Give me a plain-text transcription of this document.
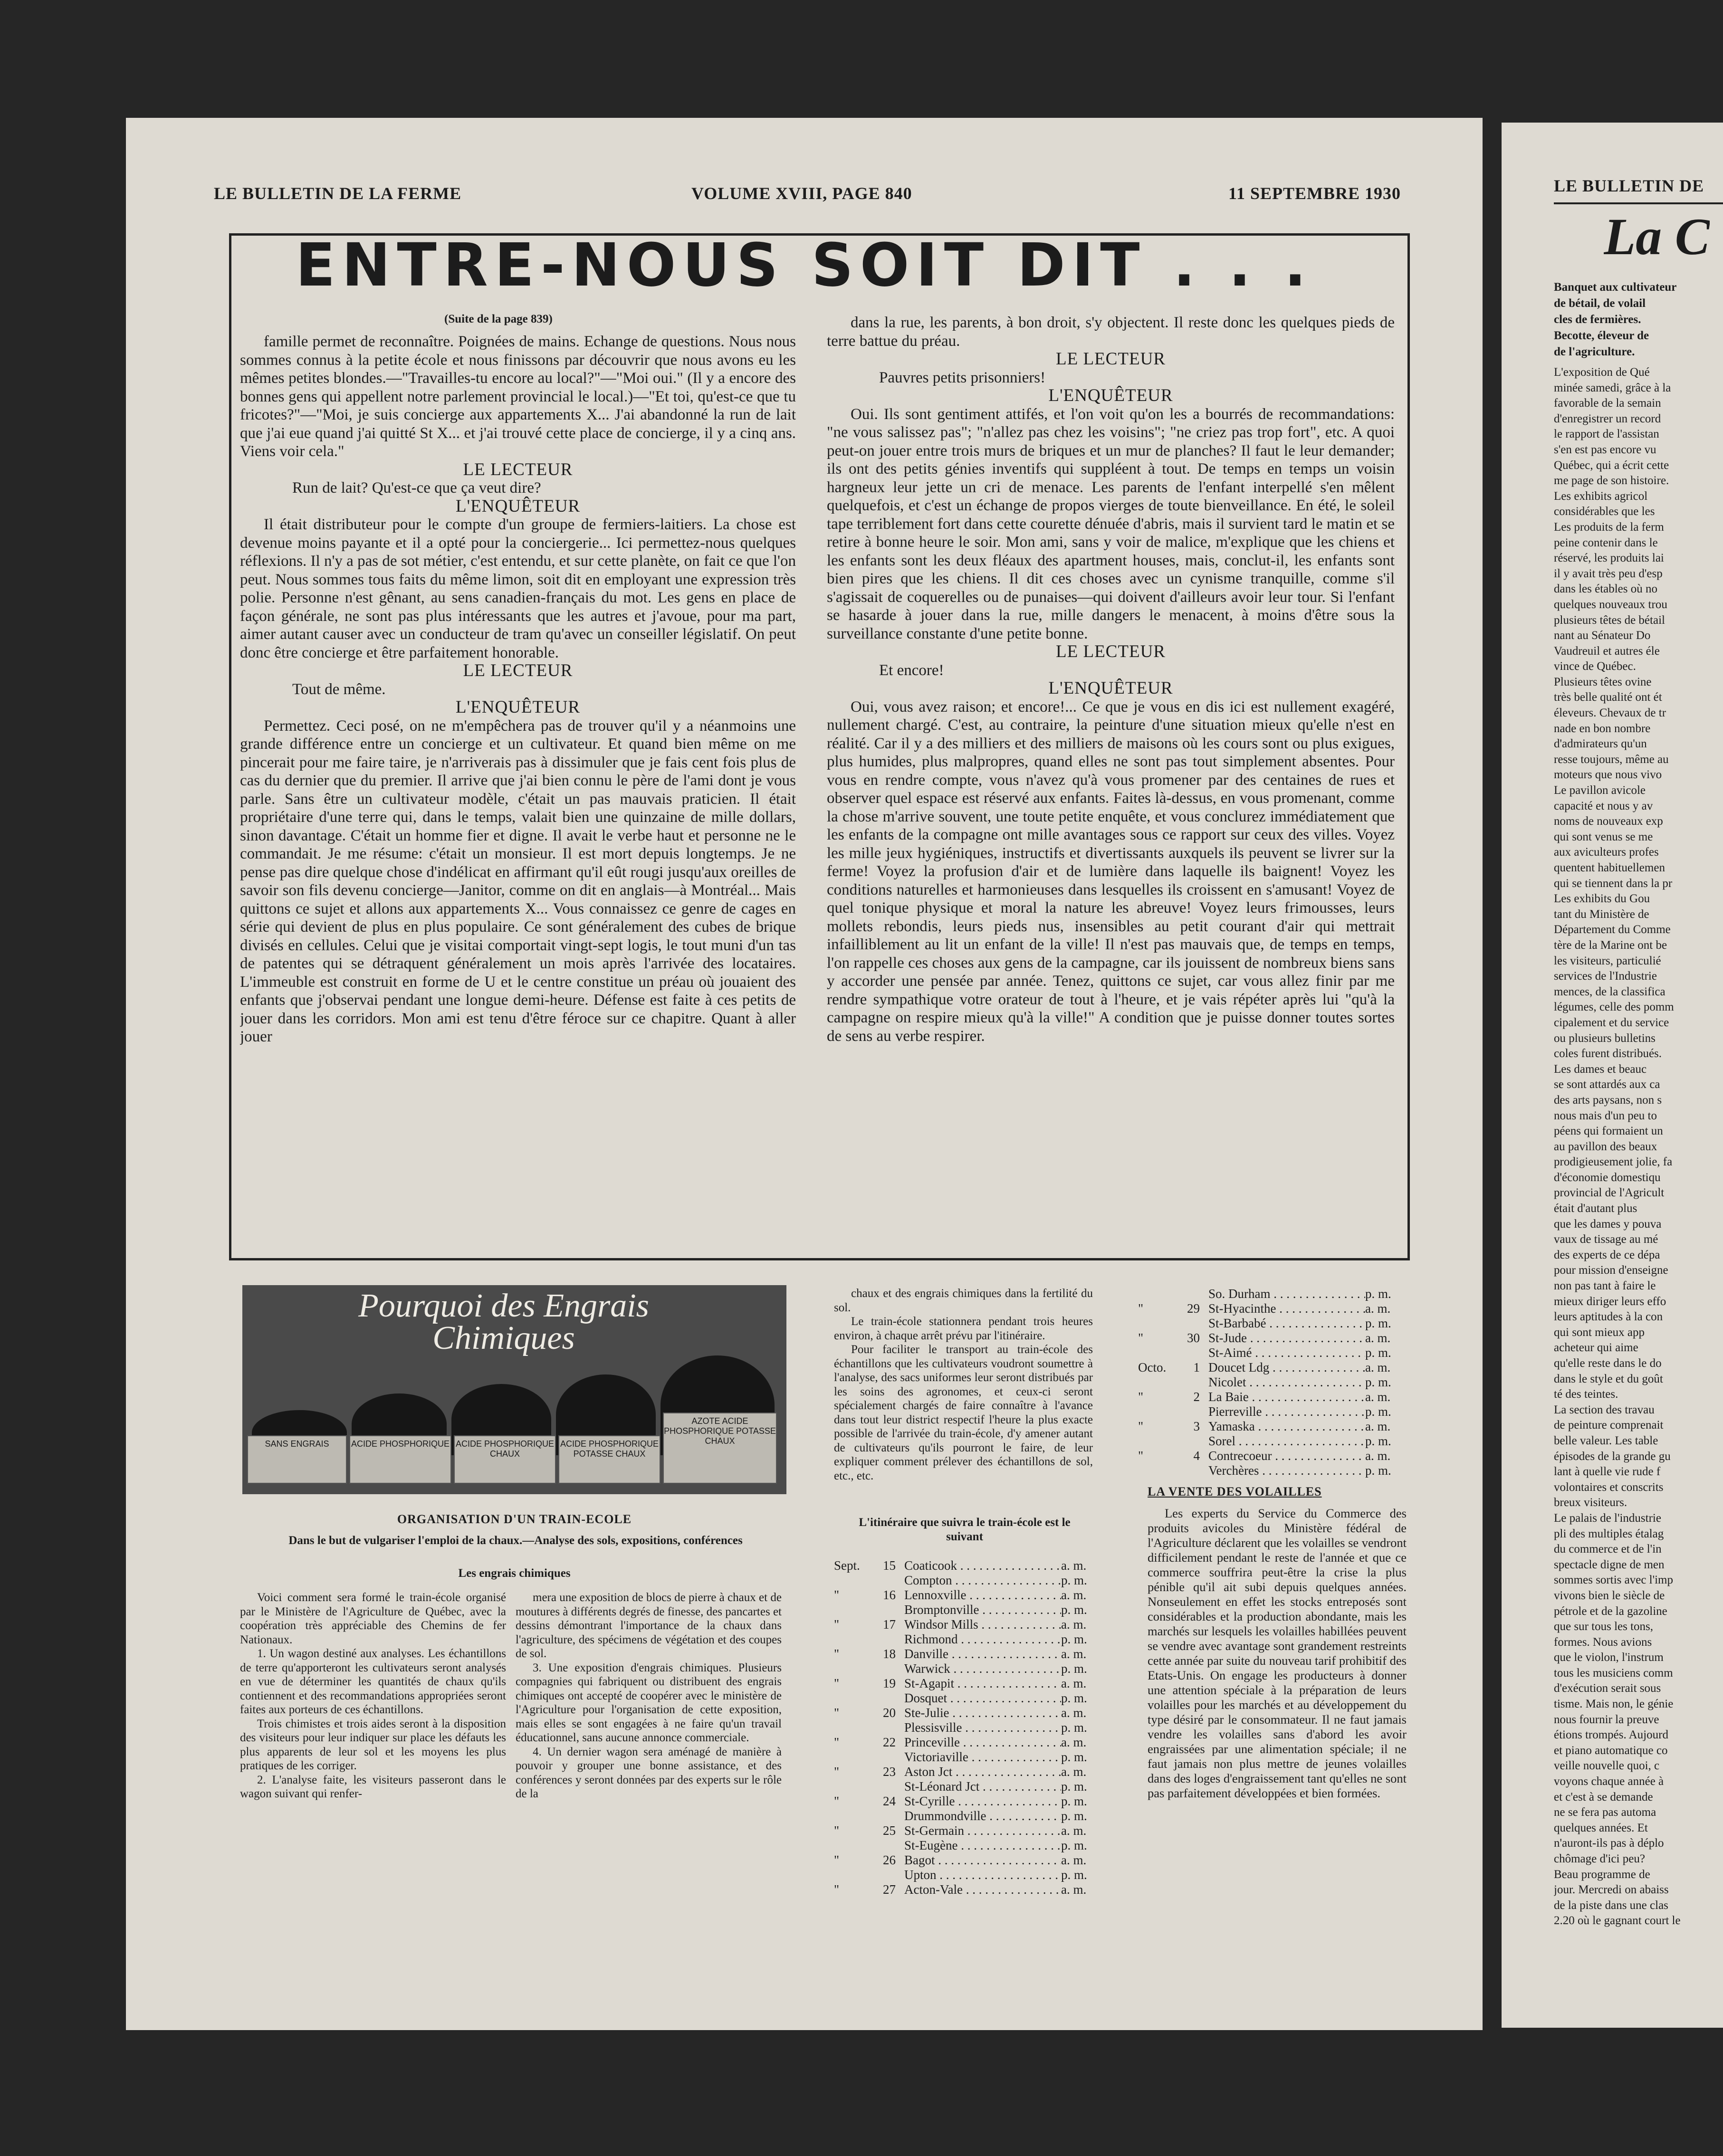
LE BULLETIN DE LA FERME	VOLUME XVIII, PAGE 840	11 SEPTEMBRE 1930
ENTRE-NOUS SOIT DIT . . .
(Suite de la page 839)

famille permet de reconnaître. Poignées de mains. Echange de questions. Nous nous sommes connus à la petite école et nous finissons par découvrir que nous avons eu les mêmes petites blondes.—"Travailles-tu encore au local?"—"Moi oui." (Il y a encore des bonnes gens qui appellent notre parlement provincial le local.)—"Et toi, qu'est-ce que tu fricotes?"—"Moi, je suis concierge aux appartements X... J'ai abandonné la run de lait que j'ai eue quand j'ai quitté St X... et j'ai trouvé cette place de concierge, il y a cinq ans. Viens voir cela."

LE LECTEUR

Run de lait? Qu'est-ce que ça veut dire?

L'ENQUÊTEUR

Il était distributeur pour le compte d'un groupe de fermiers-laitiers. La chose est devenue moins payante et il a opté pour la conciergerie... Ici permettez-nous quelques réflexions. Il n'y a pas de sot métier, c'est entendu, et sur cette planète, on fait ce que l'on peut. Nous sommes tous faits du même limon, soit dit en employant une expression très polie. Personne n'est gênant, au sens canadien-français du mot. Les gens en place de façon générale, ne sont pas plus intéressants que les autres et j'avoue, pour ma part, aimer autant causer avec un conducteur de tram qu'avec un conseiller législatif. On peut donc être concierge et être parfaitement honorable.

LE LECTEUR

Tout de même.

L'ENQUÊTEUR

Permettez. Ceci posé, on ne m'empêchera pas de trouver qu'il y a néanmoins une grande différence entre un concierge et un cultivateur. Et quand bien même on me pincerait pour me faire taire, je n'arriverais pas à dissimuler que je fais cent fois plus de cas du dernier que du premier. Il arrive que j'ai bien connu le père de l'ami dont je vous parle. Sans être un cultivateur modèle, c'était un pas mauvais praticien. Il était propriétaire d'une terre qui, dans le temps, valait bien une quinzaine de mille dollars, sinon davantage. C'était un homme fier et digne. Il avait le verbe haut et personne ne le commandait. Je me résume: c'était un monsieur. Il est mort depuis longtemps. Je ne pense pas dire quelque chose d'indélicat en affirmant qu'il eût rougi jusqu'aux oreilles de savoir son fils devenu concierge—Janitor, comme on dit en anglais—à Montréal... Mais quittons ce sujet et allons aux appartements X... Vous connaissez ce genre de cages en série qui devient de plus en plus populaire. Ce sont généralement des cubes de brique divisés en cellules. Celui que je visitai comportait vingt-sept logis, le tout muni d'un tas de patentes qui se détraquent généralement un mois après l'arrivée des locataires. L'immeuble est construit en forme de U et le centre constitue un préau où jouaient des enfants que j'observai pendant une longue demi-heure. Défense est faite à ces petits de jouer dans les corridors. Mon ami est tenu d'être féroce sur ce chapitre. Quant à aller jouer

dans la rue, les parents, à bon droit, s'y objectent. Il reste donc les quelques pieds de terre battue du préau.

LE LECTEUR

Pauvres petits prisonniers!

L'ENQUÊTEUR

Oui. Ils sont gentiment attifés, et l'on voit qu'on les a bourrés de recommandations: "ne vous salissez pas"; "n'allez pas chez les voisins"; "ne criez pas trop fort", etc. A quoi peut-on jouer entre trois murs de briques et un mur de planches? Il faut le leur demander; ils ont des petits génies inventifs qui suppléent à tout. De temps en temps un voisin hargneux leur jette un cri de menace. Les parents de l'enfant interpellé s'en mêlent quelquefois, et c'est un échange de propos vierges de toute bienveillance. En été, le soleil tape terriblement fort dans cette courette dénuée d'abris, mais il survient tard le matin et se retire à bonne heure le soir. Mon ami, sans y voir de malice, m'explique que les chiens et les enfants sont les deux fléaux des apartment houses, mais, conclut-il, les enfants sont bien pires que les chiens. Il dit ces choses avec un cynisme tranquille, comme s'il s'agissait de coquerelles ou de punaises—qui doivent d'ailleurs avoir leur tour. Si l'enfant se hasarde à jouer dans la rue, mille dangers le menacent, à moins d'être sous la surveillance constante d'une petite bonne.

LE LECTEUR

Et encore!

L'ENQUÊTEUR

Oui, vous avez raison; et encore!... Ce que je vous en dis ici est nullement exagéré, nullement chargé. C'est, au contraire, la peinture d'une situation mieux qu'elle n'est en réalité. Car il y a des milliers et des milliers de maisons où les cours sont ou plus exigues, plus humides, plus malpropres, quand elles ne sont pas tout simplement absentes. Pour vous en rendre compte, vous n'avez qu'à vous promener par des centaines de rues et observer quel espace est réservé aux enfants. Faites là-dessus, en vous promenant, comme la chose m'arrive souvent, une toute petite enquête, et vous conclurez immédiatement que les enfants de la compagne ont mille avantages sous ce rapport sur ceux des villes. Voyez les mille jeux hygiéniques, instructifs et divertissants auxquels ils peuvent se livrer sur la ferme! Voyez la profusion d'air et de lumière dans laquelle ils baignent! Voyez les conditions naturelles et harmonieuses dans lesquelles ils croissent en s'amusant! Voyez de quel tonique physique et moral la nature les abreuve! Voyez leurs frimousses, leurs mollets rebondis, leurs pieds nus, insensibles au petit courant d'air qui mettrait infailliblement au lit un enfant de la ville! Il n'est pas mauvais que, de temps en temps, l'on rappelle ces choses aux gens de la campagne, car ils jouissent de nombreux biens sans y accorder une pensée par année. Tenez, quittons ce sujet, car vous allez finir par me rendre sympathique votre orateur de tout à l'heure, et je vais répéter après lui "qu'à la campagne on respire mieux qu'à la ville!" A condition que je puisse donner toutes sortes de sens au verbe respirer.

Pourquoi des Engrais
Chimiques
SANS ENGRAIS	ACIDE PHOSPHORIQUE ACIDE PHOSPHORIQUE CHAUX
ACIDE PHOSPHORIQUE POTASSE CHAUX
AZOTE ACIDE PHOSPHORIQUE POTASSE CHAUX
ORGANISATION D'UN TRAIN-ECOLE
Dans le but de vulgariser l'emploi de la chaux.—Analyse des sols, expositions, conférences
Les engrais chimiques

Voici comment sera formé le train-école organisé par le Ministère de l'Agriculture de Québec, avec la coopération très appréciable des Chemins de fer Nationaux.

1. Un wagon destiné aux analyses. Les échantillons de terre qu'apporteront les cultivateurs seront analysés en vue de déterminer les quantités de chaux qu'ils contiennent et des recommandations appropriées seront faites aux porteurs de ces échantillons.

Trois chimistes et trois aides seront à la disposition des visiteurs pour leur indiquer sur place les défauts les plus apparents de leur sol et les moyens les plus pratiques de les corriger.

2. L'analyse faite, les visiteurs passeront dans le wagon suivant qui renfer-

mera une exposition de blocs de pierre à chaux et de moutures à différents degrés de finesse, des pancartes et dessins démontrant l'importance de la chaux dans l'agriculture, des spécimens de végétation et des coupes de sol.

3. Une exposition d'engrais chimiques. Plusieurs compagnies qui fabriquent ou distribuent des engrais chimiques ont accepté de coopérer avec le ministère de l'Agriculture pour l'organisation de cette exposition, mais elles se sont engagées à ne faire qu'un travail éducationnel, sans aucune annonce commerciale.

4. Un dernier wagon sera aménagé de manière à pouvoir y grouper une bonne assistance, et des conférences y seront données par des experts sur le rôle de la

chaux et des engrais chimiques dans la fertilité du sol.

Le train-école stationnera pendant trois heures environ, à chaque arrêt prévu par l'itinéraire.

Pour faciliter le transport au train-école des échantillons que les cultivateurs voudront soumettre à l'analyse, des sacs uniformes leur seront distribués par les soins des agronomes, et ceux-ci seront spécialement chargés de faire connaître à l'avance dans tout leur district respectif l'heure la plus exacte possible de l'arrivée du train-école, d'y amener autant de cultivateurs qu'ils pourront le faire, de leur expliquer comment prélever des échantillons de sol, etc., etc.

L'itinéraire que suivra le train-école est le suivant
Sept.	15 Coaticook . . .	a. m.
Compton . . .	p. m.
"	16 Lennoxville . . .	a. m.
Bromptonville . . .	p. m.
"	17 Windsor Mills . . .	a. m.
Richmond . . .	p. m.
"	18 Danville . . .	a. m.
Warwick . . .	p. m.
"	19 St-Agapit . . .	a. m.
Dosquet . . .	p. m.
"	20 Ste-Julie . . .	a. m.
Plessisville . . .	p. m.
"	22 Princeville . . .	a. m.
Victoriaville . . .	p. m.
"	23 Aston Jct . . .	a. m.
St-Léonard Jct . . .	p. m.
"	24 St-Cyrille . . .	p. m.
Drummondville . . .	p. m.
"	25 St-Germain . . .	a. m.
St-Eugène . . .	p. m.
"	26 Bagot . . .	a. m.
Upton . . .	p. m.
"	27 Acton-Vale . . .	a. m.
So. Durham . . .	p. m.
"	29 St-Hyacinthe . . .	a. m.
St-Barbabé . . .	p. m.
"	30 St-Jude . . .	a. m.
St-Aimé . . .	p. m.
Octo.	1 Doucet Ldg . . .	a. m.
Nicolet . . .	p. m.
"	2 La Baie . . .	a. m.
Pierreville . . .	p. m.
"	3 Yamaska . . .	a. m.
Sorel . . .	p. m.
"	4 Contrecoeur . . .	a. m.
Verchères . . .	p. m.
LA VENTE DES VOLAILLES

Les experts du Service du Commerce des produits avicoles du Ministère fédéral de l'Agriculture déclarent que les volailles se vendront difficilement pendant le reste de l'année et que ce commerce souffrira peut-être la crise la plus pénible qu'il ait subi depuis quelques années. Nonseulement en effet les stocks entreposés sont considérables et la production abondante, mais les marchés sur lesquels les volailles habillées peuvent se vendre avec avantage sont grandement restreints cette année par suite du nouveau tarif prohibitif des Etats-Unis. On engage les producteurs à donner une attention spéciale à la préparation de leurs volailles pour les marchés et au développement du type désiré par le consommateur. Il ne faut jamais vendre les volailles sans d'abord les avoir engraissées par une alimentation spéciale; il ne faut jamais non plus mettre de jeunes volailles dans des loges d'engraissement tant qu'elles ne sont pas parfaitement développées et bien formées.

LE BULLETIN DE
La C
Banquet aux cultivateur
de bétail, de volail
cles de fermières.
Becotte, éleveur de
de l'agriculture.
L'exposition de Qué
minée samedi, grâce à la
favorable de la semain
d'enregistrer un record
le rapport de l'assistan
s'en est pas encore vu
Québec, qui a écrit cette
me page de son histoire.
Les exhibits agricol
considérables que les
Les produits de la ferm
peine contenir dans le
réservé, les produits lai
il y avait très peu d'esp
dans les étables où no
quelques nouveaux trou
plusieurs têtes de bétail
nant au Sénateur Do
Vaudreuil et autres éle
vince de Québec.
Plusieurs têtes ovine
très belle qualité ont ét
éleveurs. Chevaux de tr
nade en bon nombre
d'admirateurs qu'un
resse toujours, même au
moteurs que nous vivo
Le pavillon avicole
capacité et nous y av
noms de nouveaux exp
qui sont venus se me
aux aviculteurs profes
quentent habituellemen
qui se tiennent dans la pr
Les exhibits du Gou
tant du Ministère de
Département du Comme
tère de la Marine ont be
les visiteurs, particulié
services de l'Industrie
mences, de la classifica
légumes, celle des pomm
cipalement et du service
ou plusieurs bulletins
coles furent distribués.
Les dames et beauc
se sont attardés aux ca
des arts paysans, non s
nous mais d'un peu to
péens qui formaient un
au pavillon des beaux
prodigieusement jolie, fa
d'économie domestiqu
provincial de l'Agricult
était d'autant plus
que les dames y pouva
vaux de tissage au mé
des experts de ce dépa
pour mission d'enseigne
non pas tant à faire le
mieux diriger leurs effo
leurs aptitudes à la con
qui sont mieux app
acheteur qui aime
qu'elle reste dans le do
dans le style et du goût
té des teintes.
La section des travau
de peinture comprenait
belle valeur. Les table
épisodes de la grande gu
lant à quelle vie rude f
volontaires et conscrits
breux visiteurs.
Le palais de l'industrie
pli des multiples étalag
du commerce et de l'in
spectacle digne de men
sommes sortis avec l'imp
vivons bien le siècle de
pétrole et de la gazoline
que sur tous les tons,
formes. Nous avions
que le violon, l'instrum
tous les musiciens comm
d'exécution serait sous
tisme. Mais non, le génie
nous fournir la preuve
étions trompés. Aujourd
et piano automatique co
veille nouvelle quoi, c
voyons chaque année à
et c'est à se demande
ne se fera pas automa
quelques années. Et
n'auront-ils pas à déplo
chômage d'ici peu?
Beau programme de
jour. Mercredi on abaiss
de la piste dans une clas
2.20 où le gagnant court le
